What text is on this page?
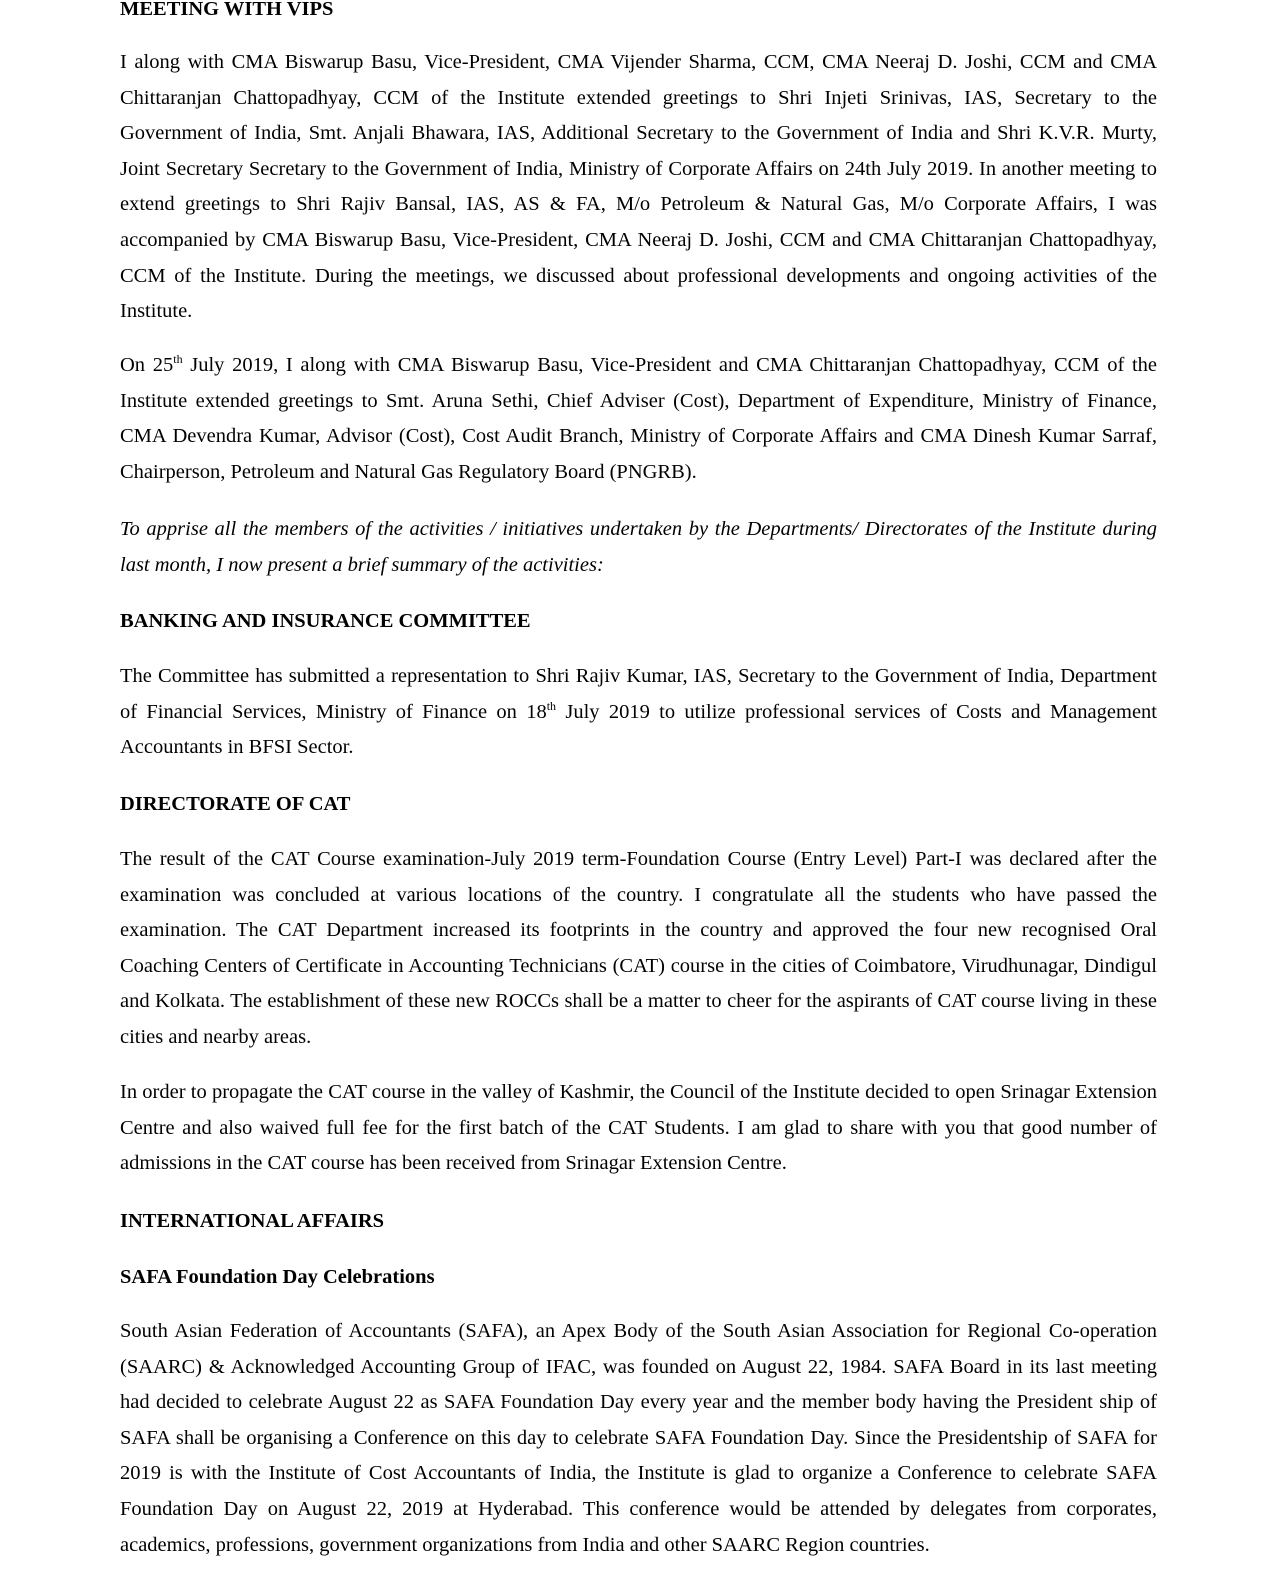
MEETING WITH VIPS

I along with CMA Biswarup Basu, Vice-President, CMA Vijender Sharma, CCM, CMA Neeraj D. Joshi, CCM and CMA Chittaranjan Chattopadhyay, CCM of the Institute extended greetings to Shri Injeti Srinivas, IAS, Secretary to the Government of India, Smt. Anjali Bhawara, IAS, Additional Secretary to the Government of India and Shri K.V.R. Murty, Joint Secretary Secretary to the Government of India, Ministry of Corporate Affairs on 24th July 2019. In another meeting to extend greetings to Shri Rajiv Bansal, IAS, AS & FA, M/o Petroleum & Natural Gas, M/o Corporate Affairs, I was accompanied by CMA Biswarup Basu, Vice-President, CMA Neeraj D. Joshi, CCM and CMA Chittaranjan Chattopadhyay, CCM of the Institute. During the meetings, we discussed about professional developments and ongoing activities of the Institute.

On 25th July 2019, I along with CMA Biswarup Basu, Vice-President and CMA Chittaranjan Chattopadhyay, CCM of the Institute extended greetings to Smt. Aruna Sethi, Chief Adviser (Cost), Department of Expenditure, Ministry of Finance, CMA Devendra Kumar, Advisor (Cost), Cost Audit Branch, Ministry of Corporate Affairs and CMA Dinesh Kumar Sarraf, Chairperson, Petroleum and Natural Gas Regulatory Board (PNGRB).

To apprise all the members of the activities / initiatives undertaken by the Departments/ Directorates of the Institute during last month, I now present a brief summary of the activities:

BANKING AND INSURANCE COMMITTEE

The Committee has submitted a representation to Shri Rajiv Kumar, IAS, Secretary to the Government of India, Department of Financial Services, Ministry of Finance on 18th July 2019 to utilize professional services of Costs and Management Accountants in BFSI Sector.

DIRECTORATE OF CAT

The result of the CAT Course examination-July 2019 term-Foundation Course (Entry Level) Part-I was declared after the examination was concluded at various locations of the country. I congratulate all the students who have passed the examination. The CAT Department increased its footprints in the country and approved the four new recognised Oral Coaching Centers of Certificate in Accounting Technicians (CAT) course in the cities of Coimbatore, Virudhunagar, Dindigul and Kolkata. The establishment of these new ROCCs shall be a matter to cheer for the aspirants of CAT course living in these cities and nearby areas.

In order to propagate the CAT course in the valley of Kashmir, the Council of the Institute decided to open Srinagar Extension Centre and also waived full fee for the first batch of the CAT Students. I am glad to share with you that good number of admissions in the CAT course has been received from Srinagar Extension Centre.

INTERNATIONAL AFFAIRS
SAFA Foundation Day Celebrations

South Asian Federation of Accountants (SAFA), an Apex Body of the South Asian Association for Regional Co-operation (SAARC) & Acknowledged Accounting Group of IFAC, was founded on August 22, 1984. SAFA Board in its last meeting had decided to celebrate August 22 as SAFA Foundation Day every year and the member body having the President ship of SAFA shall be organising a Conference on this day to celebrate SAFA Foundation Day. Since the Presidentship of SAFA for 2019 is with the Institute of Cost Accountants of India, the Institute is glad to organize a Conference to celebrate SAFA Foundation Day on August 22, 2019 at Hyderabad. This conference would be attended by delegates from corporates, academics, professions, government organizations from India and other SAARC Region countries.
